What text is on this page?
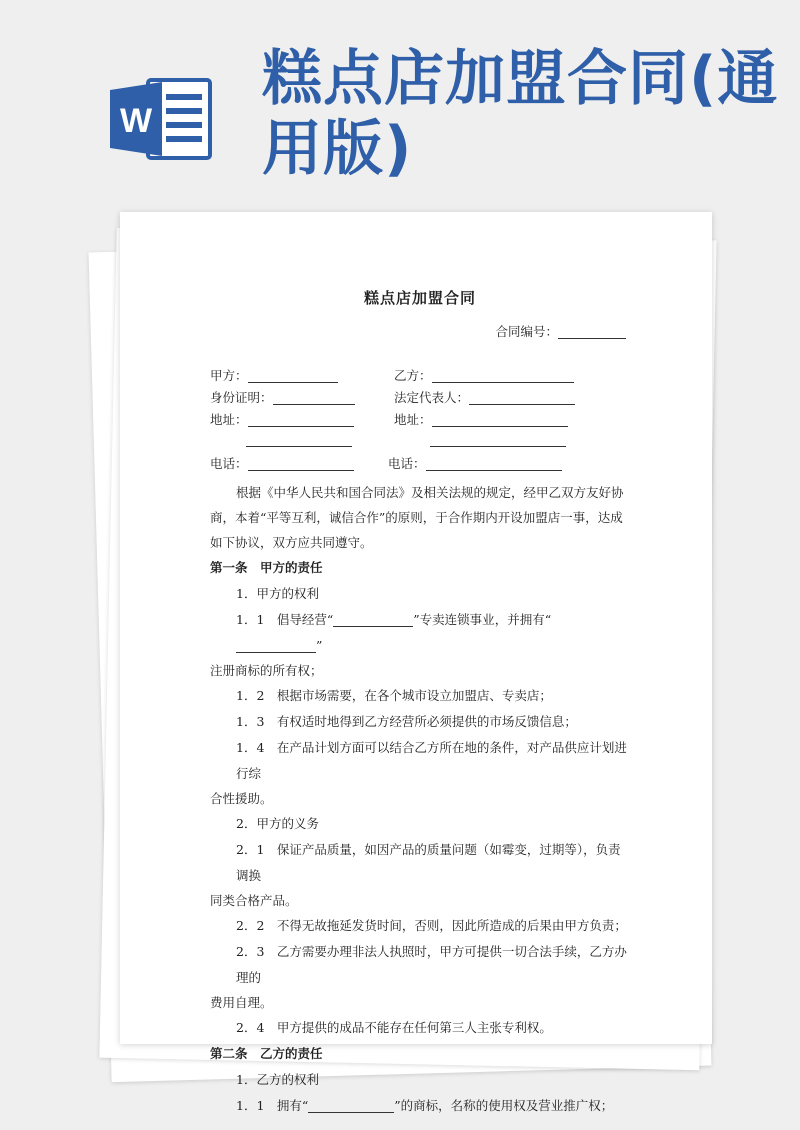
W
糕点店加盟合同(通用版)
糕点店加盟合同
合同编号：
甲方：	乙方：
身份证明：	法定代表人：
地址：	地址：
电话：	电话：
根据《中华人民共和国合同法》及相关法规的规定，经甲乙双方友好协商，本着“平等互利，诚信合作”的原则，于合作期内开设加盟店一事，达成如下协议，双方应共同遵守。
第一条　甲方的责任
1．甲方的权利
1．1　倡导经营“	”专卖连锁事业，并拥有“”
注册商标的所有权；
1．2　根据市场需要，在各个城市设立加盟店、专卖店；
1．3　有权适时地得到乙方经营所必须提供的市场反馈信息；
1．4　在产品计划方面可以结合乙方所在地的条件，对产品供应计划进行综
合性援助。
2．甲方的义务
2．1　保证产品质量，如因产品的质量问题（如霉变，过期等），负责调换
同类合格产品。
2．2　不得无故拖延发货时间，否则，因此所造成的后果由甲方负责；
2．3　乙方需要办理非法人执照时，甲方可提供一切合法手续，乙方办理的
费用自理。
2．4　甲方提供的成品不能存在任何第三人主张专利权。
第二条　乙方的责任
1．乙方的权利
1．1　拥有“	”的商标，名称的使用权及营业推广权；
